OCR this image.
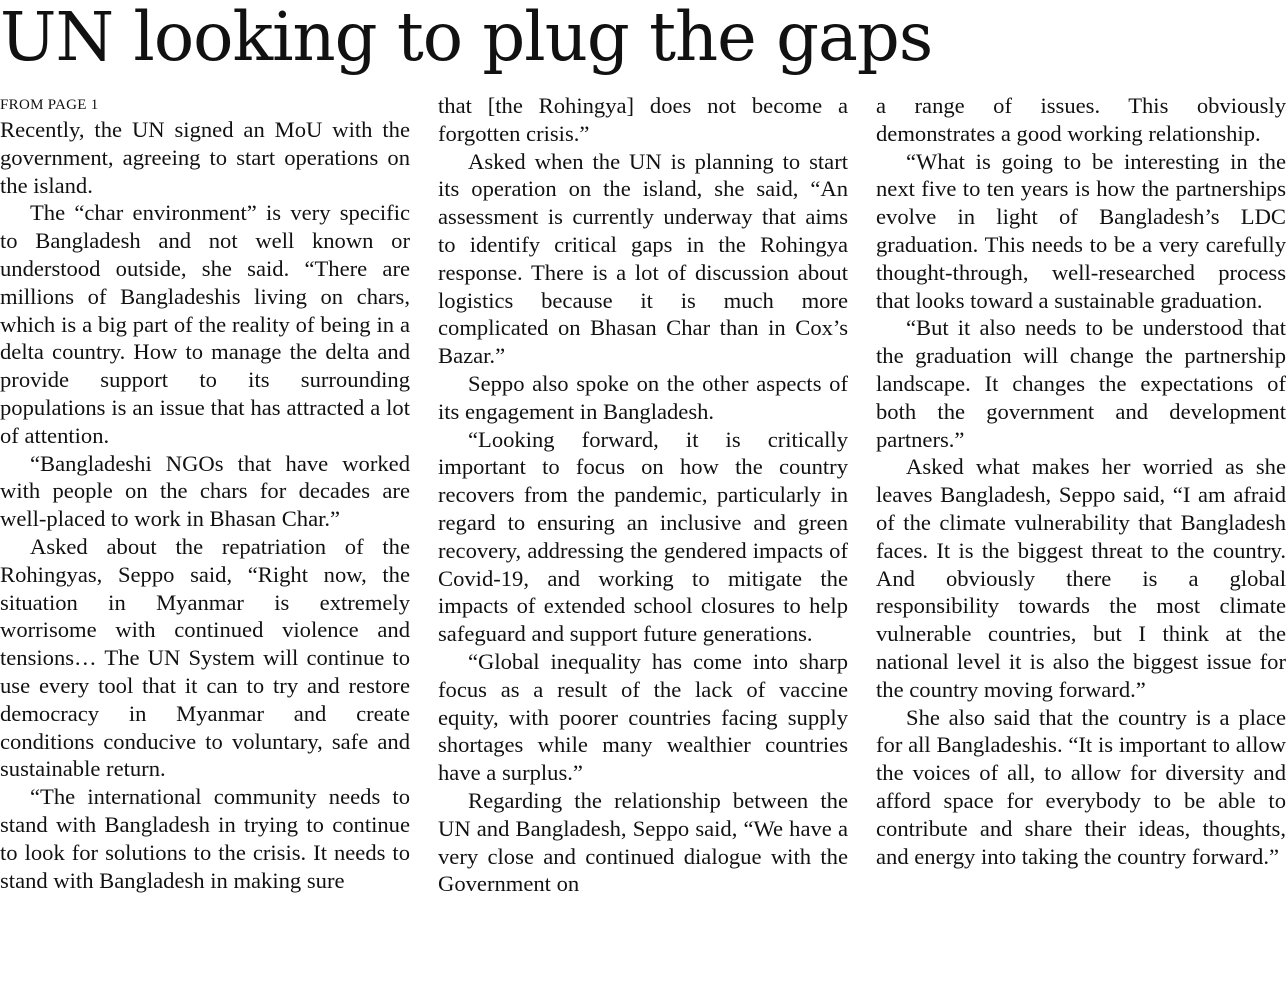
UN looking to plug the gaps
FROM PAGE 1

Recently, the UN signed an MoU with the government, agreeing to start operations on the island.

The “char environment” is very specific to Bangladesh and not well known or understood outside, she said. “There are millions of Bangladeshis living on chars, which is a big part of the reality of being in a delta country. How to manage the delta and provide support to its surrounding populations is an issue that has attracted a lot of attention.

“Bangladeshi NGOs that have worked with people on the chars for decades are well-placed to work in Bhasan Char.”

Asked about the repatriation of the Rohingyas, Seppo said, “Right now, the situation in Myanmar is extremely worrisome with continued violence and tensions… The UN System will continue to use every tool that it can to try and restore democracy in Myanmar and create conditions conducive to voluntary, safe and sustainable return.

“The international community needs to stand with Bangladesh in trying to continue to look for solutions to the crisis. It needs to stand with Bangladesh in making sure

that [the Rohingya] does not become a forgotten crisis.”

Asked when the UN is planning to start its operation on the island, she said, “An assessment is currently underway that aims to identify critical gaps in the Rohingya response. There is a lot of discussion about logistics because it is much more complicated on Bhasan Char than in Cox’s Bazar.”

Seppo also spoke on the other aspects of its engagement in Bangladesh.

“Looking forward, it is critically important to focus on how the country recovers from the pandemic, particularly in regard to ensuring an inclusive and green recovery, addressing the gendered impacts of Covid-19, and working to mitigate the impacts of extended school closures to help safeguard and support future generations.

“Global inequality has come into sharp focus as a result of the lack of vaccine equity, with poorer countries facing supply shortages while many wealthier countries have a surplus.”

Regarding the relationship between the UN and Bangladesh, Seppo said, “We have a very close and continued dialogue with the Government on

a range of issues. This obviously demonstrates a good working relationship.

“What is going to be interesting in the next five to ten years is how the partnerships evolve in light of Bangladesh’s LDC graduation. This needs to be a very carefully thought-through, well-researched process that looks toward a sustainable graduation.

“But it also needs to be understood that the graduation will change the partnership landscape. It changes the expectations of both the government and development partners.”

Asked what makes her worried as she leaves Bangladesh, Seppo said, “I am afraid of the climate vulnerability that Bangladesh faces. It is the biggest threat to the country. And obviously there is a global responsibility towards the most climate vulnerable countries, but I think at the national level it is also the biggest issue for the country moving forward.”

She also said that the country is a place for all Bangladeshis. “It is important to allow the voices of all, to allow for diversity and afford space for everybody to be able to contribute and share their ideas, thoughts, and energy into taking the country forward.”
